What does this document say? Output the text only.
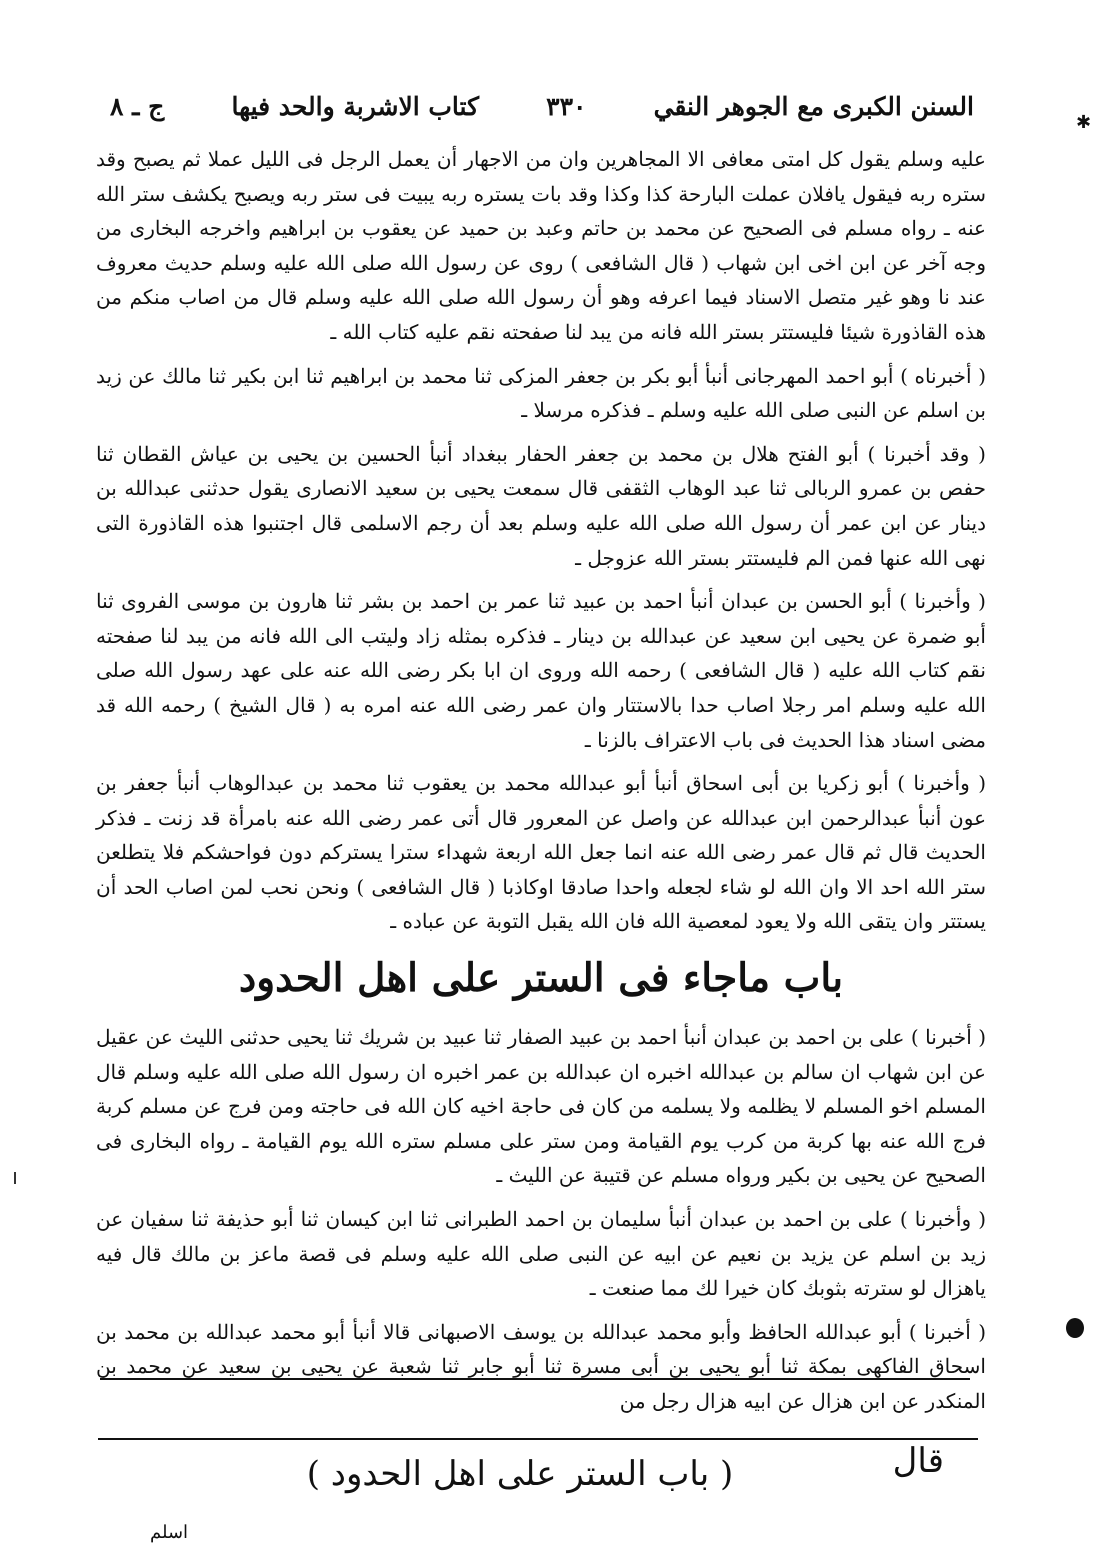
✱
السنن الكبرى مع الجوهر النقي
٣٣٠
كتاب الاشربة والحد فيها
ج ـ ٨

عليه وسلم يقول كل امتى معافى الا المجاهرين وان من الاجهار أن يعمل الرجل فى الليل عملا ثم يصبح وقد ستره ربه فيقول يافلان عملت البارحة كذا وكذا وقد بات يستره ربه يبيت فى ستر ربه ويصبح يكشف ستر الله عنه ـ رواه مسلم فى الصحيح عن محمد بن حاتم وعبد بن حميد عن يعقوب بن ابراهيم واخرجه البخارى من وجه آخر عن ابن اخى ابن شهاب ( قال الشافعى ) روى عن رسول الله صلى الله عليه وسلم حديث معروف عند نا وهو غير متصل الاسناد فيما اعرفه وهو أن رسول الله صلى الله عليه وسلم قال من اصاب منكم من هذه القاذورة شيئا فليستتر بستر الله فانه من يبد لنا صفحته نقم عليه كتاب الله ـ

( أخبرناه ) أبو احمد المهرجانى أنبأ أبو بكر بن جعفر المزكى ثنا محمد بن ابراهيم ثنا ابن بكير ثنا مالك عن زيد بن اسلم عن النبى صلى الله عليه وسلم ـ فذكره مرسلا ـ

( وقد أخبرنا ) أبو الفتح هلال بن محمد بن جعفر الحفار ببغداد أنبأ الحسين بن يحيى بن عياش القطان ثنا حفص بن عمرو الربالى ثنا عبد الوهاب الثقفى قال سمعت يحيى بن سعيد الانصارى يقول حدثنى عبدالله بن دينار عن ابن عمر أن رسول الله صلى الله عليه وسلم بعد أن رجم الاسلمى قال اجتنبوا هذه القاذورة التى نهى الله عنها فمن الم فليستتر بستر الله عزوجل ـ

( وأخبرنا ) أبو الحسن بن عبدان أنبأ احمد بن عبيد ثنا عمر بن احمد بن بشر ثنا هارون بن موسى الفروى ثنا أبو ضمرة عن يحيى ابن سعيد عن عبدالله بن دينار ـ فذكره بمثله زاد وليتب الى الله فانه من يبد لنا صفحته نقم كتاب الله عليه ( قال الشافعى ) رحمه الله وروى ان ابا بكر رضى الله عنه على عهد رسول الله صلى الله عليه وسلم امر رجلا اصاب حدا بالاستتار وان عمر رضى الله عنه امره به ( قال الشيخ ) رحمه الله قد مضى اسناد هذا الحديث فى باب الاعتراف بالزنا ـ

( وأخبرنا ) أبو زكريا بن أبى اسحاق أنبأ أبو عبدالله محمد بن يعقوب ثنا محمد بن عبدالوهاب أنبأ جعفر بن عون أنبأ عبدالرحمن ابن عبدالله عن واصل عن المعرور قال أتى عمر رضى الله عنه بامرأة قد زنت ـ فذكر الحديث قال ثم قال عمر رضى الله عنه انما جعل الله اربعة شهداء سترا يستركم دون فواحشكم فلا يتطلعن ستر الله احد الا وان الله لو شاء لجعله واحدا صادقا اوكاذبا ( قال الشافعى ) ونحن نحب لمن اصاب الحد أن يستتر وان يتقى الله ولا يعود لمعصية الله فان الله يقبل التوبة عن عباده ـ

باب ماجاء فى الستر على اهل الحدود

( أخبرنا ) على بن احمد بن عبدان أنبأ احمد بن عبيد الصفار ثنا عبيد بن شريك ثنا يحيى حدثنى الليث عن عقيل عن ابن شهاب ان سالم بن عبدالله اخبره ان عبدالله بن عمر اخبره ان رسول الله صلى الله عليه وسلم قال المسلم اخو المسلم لا يظلمه ولا يسلمه من كان فى حاجة اخيه كان الله فى حاجته ومن فرج عن مسلم كربة فرج الله عنه بها كربة من كرب يوم القيامة ومن ستر على مسلم ستره الله يوم القيامة ـ رواه البخارى فى الصحيح عن يحيى بن بكير ورواه مسلم عن قتيبة عن الليث ـ

( وأخبرنا ) على بن احمد بن عبدان أنبأ سليمان بن احمد الطبرانى ثنا ابن كيسان ثنا أبو حذيفة ثنا سفيان عن زيد بن اسلم عن يزيد بن نعيم عن ابيه عن النبى صلى الله عليه وسلم فى قصة ماعز بن مالك قال فيه ياهزال لو سترته بثوبك كان خيرا لك مما صنعت ـ

( أخبرنا ) أبو عبدالله الحافظ وأبو محمد عبدالله بن يوسف الاصبهانى قالا أنبأ أبو محمد عبدالله بن محمد بن اسحاق الفاكهى بمكة ثنا أبو يحيى بن أبى مسرة ثنا أبو جابر ثنا شعبة عن يحيى بن سعيد عن محمد بن المنكدر عن ابن هزال عن ابيه هزال رجل من

قال
( باب الستر على اهل الحدود )
اسلم
